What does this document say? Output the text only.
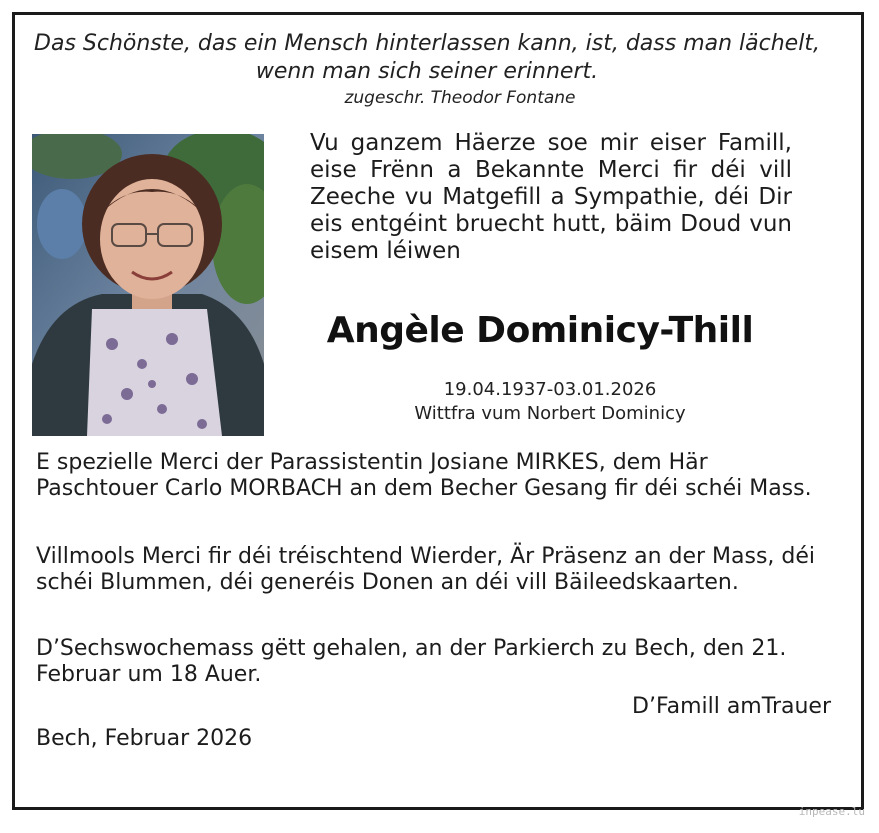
Das Schönste, das ein Mensch hinterlassen kann, ist, dass man lächelt, wenn man sich seiner erinnert.
zugeschr. Theodor Fontane
Vu ganzem Häerze soe mir eiser Famill, eise Frënn a Bekannte Merci fir déi vill Zeeche vu Matgefill a Sympathie, déi Dir eis entgéint bruecht hutt, bäim Doud vun eisem léiwen
Angèle Dominicy-Thill
19.04.1937-03.01.2026
Wittfra vum Norbert Dominicy
E spezielle Merci der Parassistentin Josiane MIRKES, dem Här Paschtouer Carlo MORBACH an dem Becher Gesang fir déi schéi Mass.
Villmools Merci fir déi tréischtend Wierder, Är Präsenz an der Mass, déi schéi Blummen, déi generéis Donen an déi vill Bäileedskaarten.
D’Sechswochemass gëtt gehalen, an der Parkierch zu Bech, den 21. Februar um 18 Auer.
D’Famill amTrauer
Bech, Februar 2026
inpease.lu
